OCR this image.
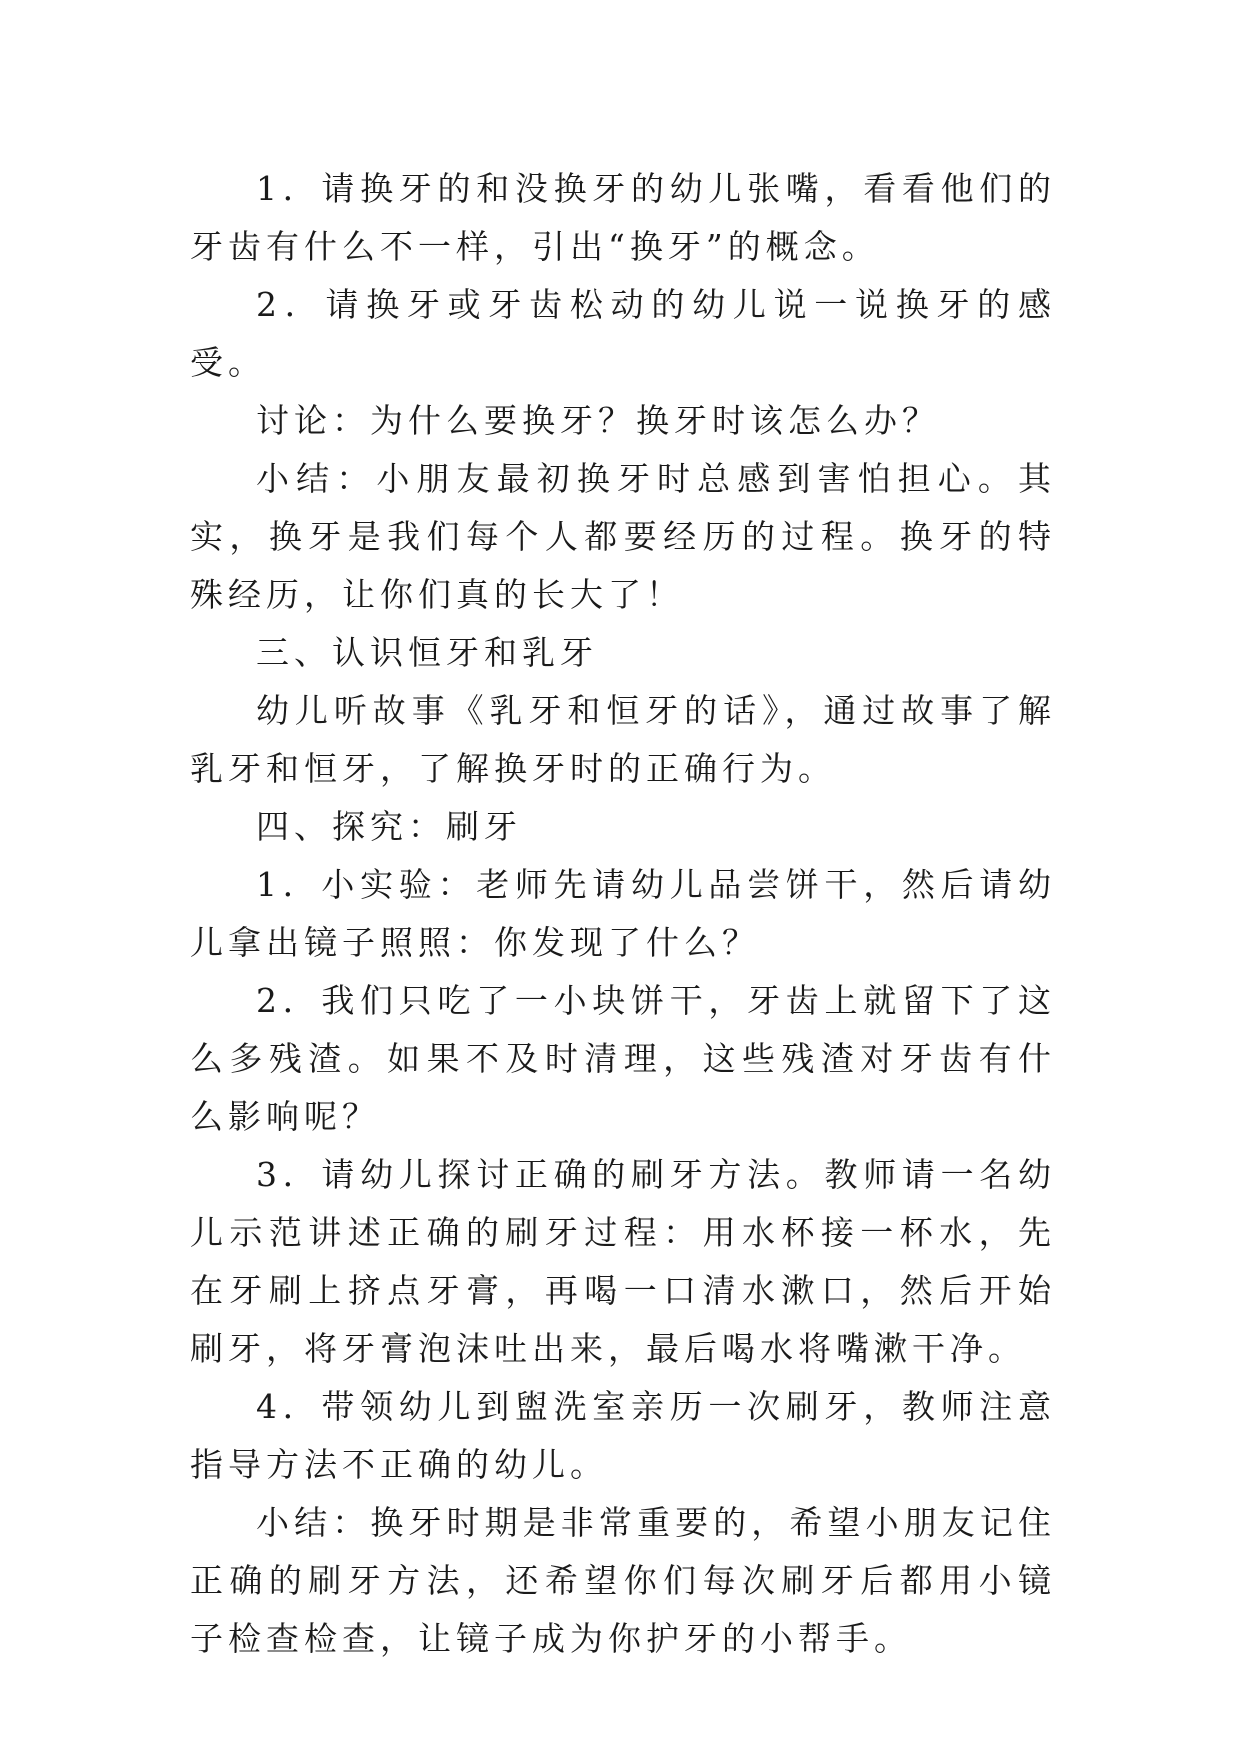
1．请换牙的和没换牙的幼儿张嘴，看看他们的牙齿有什么不一样，引出“换牙”的概念。

2．请换牙或牙齿松动的幼儿说一说换牙的感受。

讨论：为什么要换牙？换牙时该怎么办？

小结：小朋友最初换牙时总感到害怕担心。其实，换牙是我们每个人都要经历的过程。换牙的特殊经历，让你们真的长大了！

三、认识恒牙和乳牙

幼儿听故事《乳牙和恒牙的话》，通过故事了解乳牙和恒牙，了解换牙时的正确行为。

四、探究：刷牙

1．小实验：老师先请幼儿品尝饼干，然后请幼儿拿出镜子照照：你发现了什么？

2．我们只吃了一小块饼干，牙齿上就留下了这么多残渣。如果不及时清理，这些残渣对牙齿有什么影响呢？

3．请幼儿探讨正确的刷牙方法。教师请一名幼儿示范讲述正确的刷牙过程：用水杯接一杯水，先在牙刷上挤点牙膏，再喝一口清水漱口，然后开始刷牙，将牙膏泡沫吐出来，最后喝水将嘴漱干净。

4．带领幼儿到盥洗室亲历一次刷牙，教师注意指导方法不正确的幼儿。

小结：换牙时期是非常重要的，希望小朋友记住正确的刷牙方法，还希望你们每次刷牙后都用小镜子检查检查，让镜子成为你护牙的小帮手。
